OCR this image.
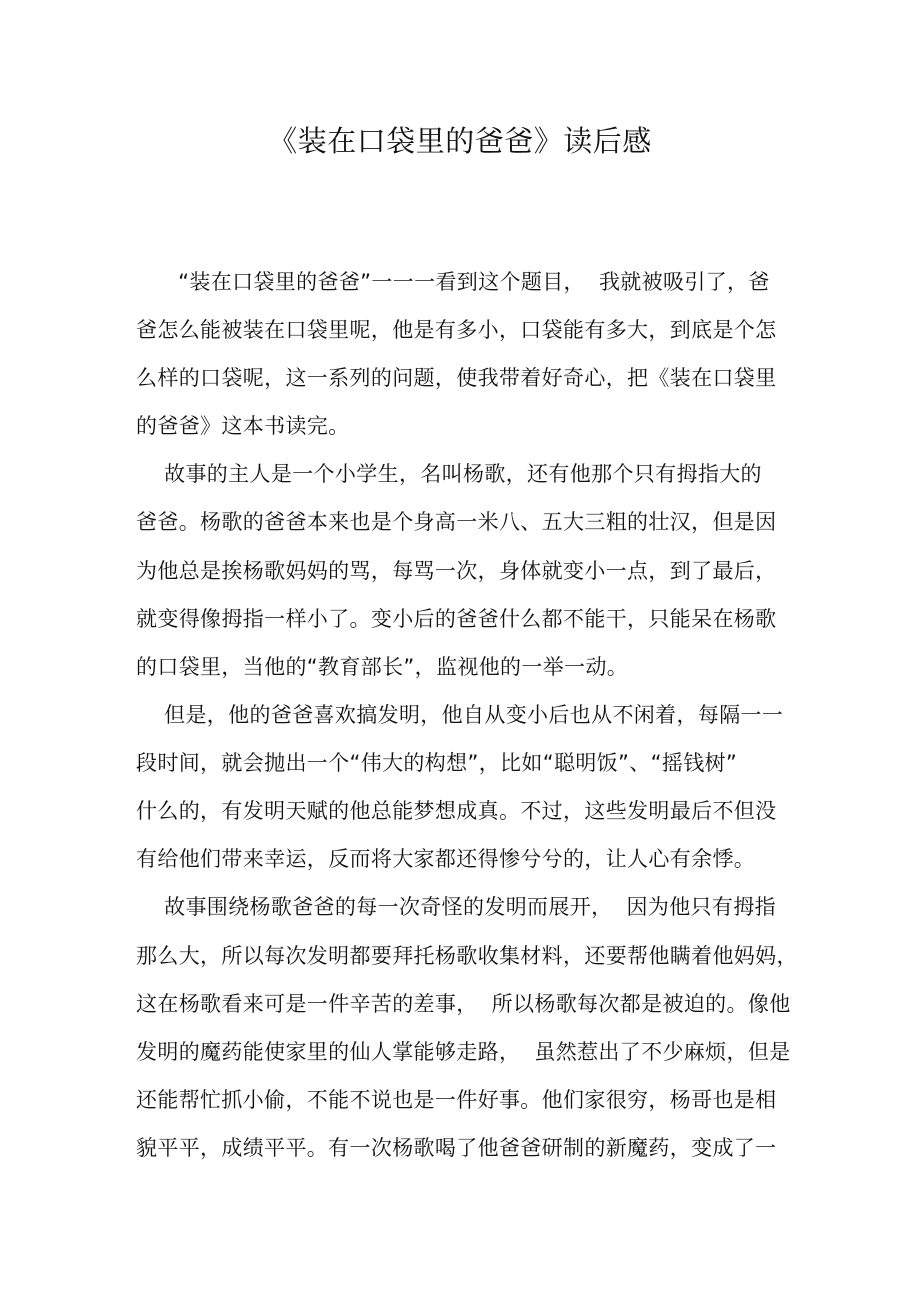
《装在口袋里的爸爸》读后感
“装在口袋里的爸爸”一一一看到这个题目，  我就被吸引了，爸
爸怎么能被装在口袋里呢，他是有多小，口袋能有多大，到底是个怎
么样的口袋呢，这一系列的问题，使我带着好奇心，把《装在口袋里
的爸爸》这本书读完。
故事的主人是一个小学生，名叫杨歌，还有他那个只有拇指大的
爸爸。杨歌的爸爸本来也是个身高一米八、五大三粗的壮汉，但是因
为他总是挨杨歌妈妈的骂，每骂一次，身体就变小一点，到了最后，
就变得像拇指一样小了。变小后的爸爸什么都不能干，只能呆在杨歌
的口袋里，当他的“教育部长”，监视他的一举一动。
但是，他的爸爸喜欢搞发明，他自从变小后也从不闲着，每隔一一
段时间，就会抛出一个“伟大的构想”，比如“聪明饭”、“摇钱树”
什么的，有发明天赋的他总能梦想成真。不过，这些发明最后不但没
有给他们带来幸运，反而将大家都还得惨兮兮的，让人心有余悸。
故事围绕杨歌爸爸的每一次奇怪的发明而展开，  因为他只有拇指
那么大，所以每次发明都要拜托杨歌收集材料，还要帮他瞒着他妈妈，
这在杨歌看来可是一件辛苦的差事，  所以杨歌每次都是被迫的。像他
发明的魔药能使家里的仙人掌能够走路，  虽然惹出了不少麻烦，但是
还能帮忙抓小偷，不能不说也是一件好事。他们家很穷，杨哥也是相
貌平平，成绩平平。有一次杨歌喝了他爸爸研制的新魔药，变成了一
